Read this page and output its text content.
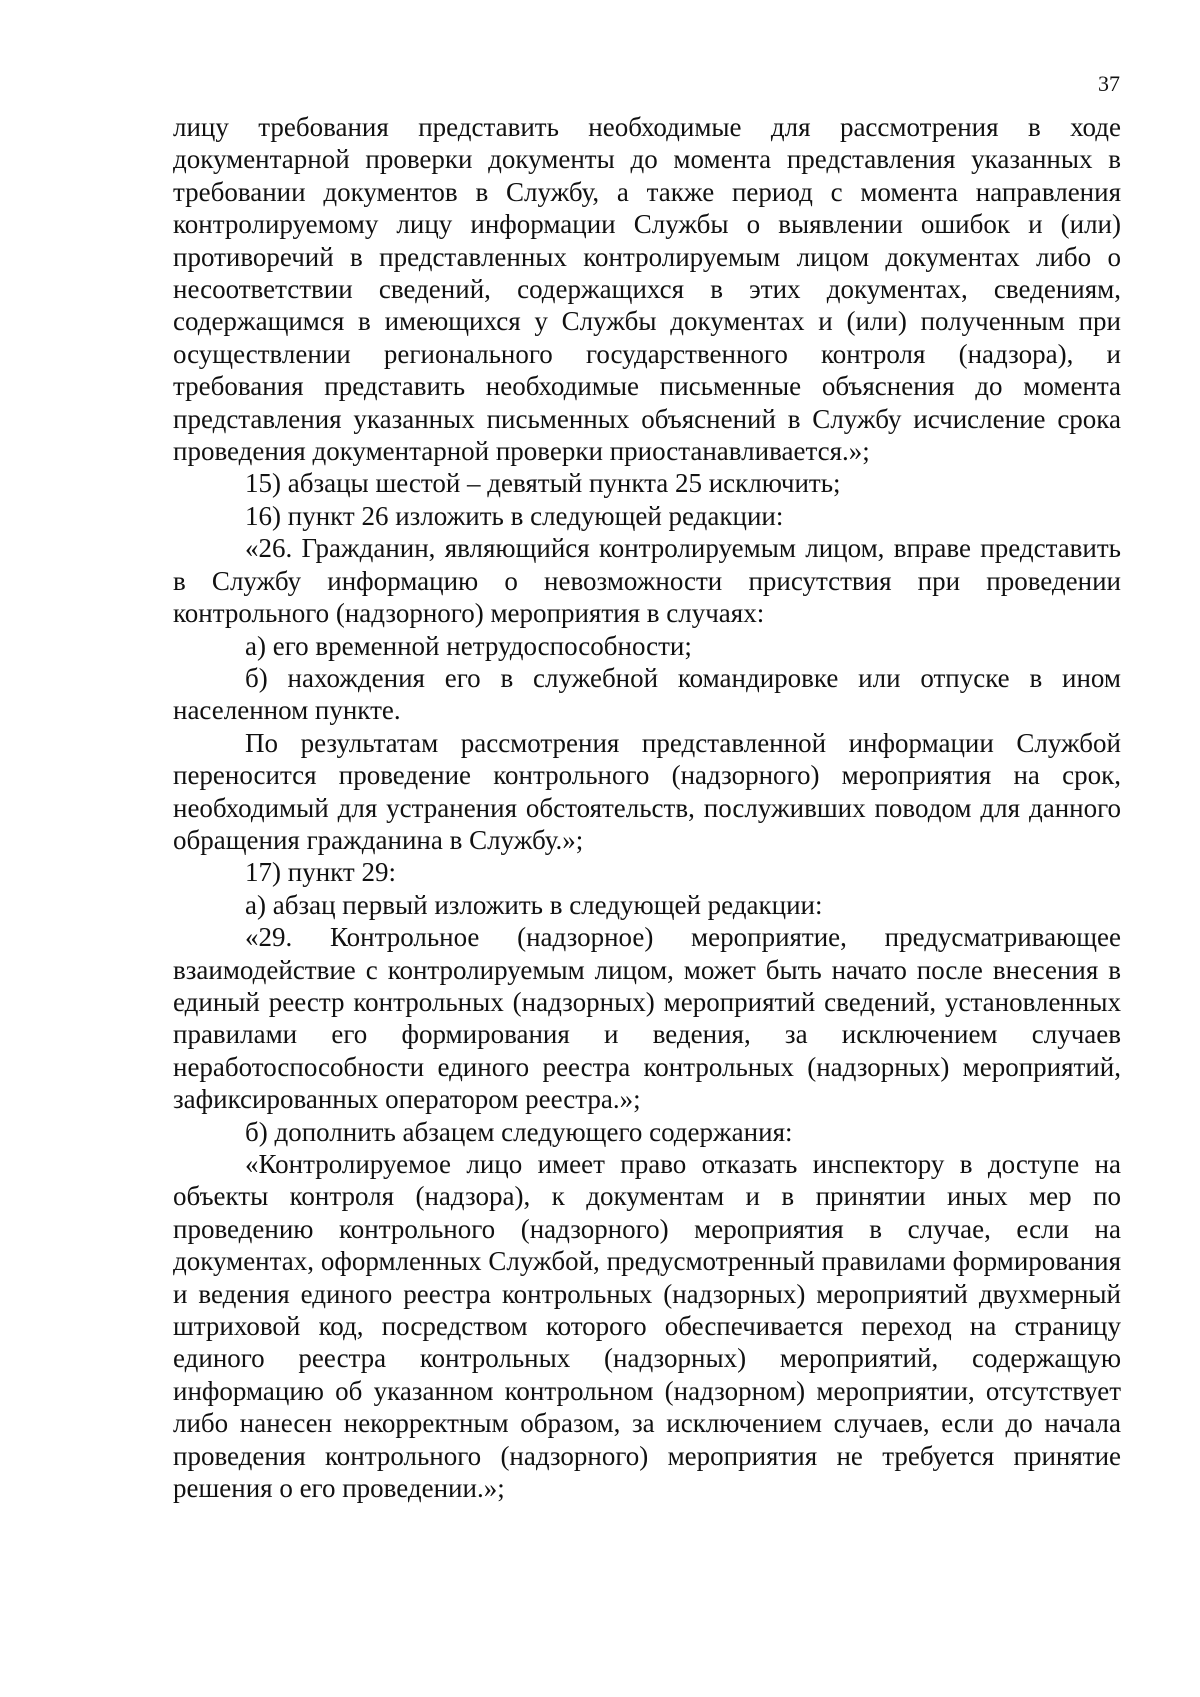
37

лицу требования представить необходимые для рассмотрения в ходе документарной проверки документы до момента представления указанных в требовании документов в Службу, а также период с момента направления контролируемому лицу информации Службы о выявлении ошибок и (или) противоречий в представленных контролируемым лицом документах либо о несоответствии сведений, содержащихся в этих документах, сведениям, содержащимся в имеющихся у Службы документах и (или) полученным при осуществлении регионального государственного контроля (надзора), и требования представить необходимые письменные объяснения до момента представления указанных письменных объяснений в Службу исчисление срока проведения документарной проверки приостанавливается.»;

15) абзацы шестой – девятый пункта 25 исключить;

16) пункт 26 изложить в следующей редакции:

«26. Гражданин, являющийся контролируемым лицом, вправе представить в Службу информацию о невозможности присутствия при проведении контрольного (надзорного) мероприятия в случаях:

а) его временной нетрудоспособности;

б) нахождения его в служебной командировке или отпуске в ином населенном пункте.

По результатам рассмотрения представленной информации Службой переносится проведение контрольного (надзорного) мероприятия на срок, необходимый для устранения обстоятельств, послуживших поводом для данного обращения гражданина в Службу.»;

17) пункт 29:

а) абзац первый изложить в следующей редакции:

«29. Контрольное (надзорное) мероприятие, предусматривающее взаимодействие с контролируемым лицом, может быть начато после внесения в единый реестр контрольных (надзорных) мероприятий сведений, установленных правилами его формирования и ведения, за исключением случаев неработоспособности единого реестра контрольных (надзорных) мероприятий, зафиксированных оператором реестра.»;

б) дополнить абзацем следующего содержания:

«Контролируемое лицо имеет право отказать инспектору в доступе на объекты контроля (надзора), к документам и в принятии иных мер по проведению контрольного (надзорного) мероприятия в случае, если на документах, оформленных Службой, предусмотренный правилами формирования и ведения единого реестра контрольных (надзорных) мероприятий двухмерный штриховой код, посредством которого обеспечивается переход на страницу единого реестра контрольных (надзорных) мероприятий, содержащую информацию об указанном контрольном (надзорном) мероприятии, отсутствует либо нанесен некорректным образом, за исключением случаев, если до начала проведения контрольного (надзорного) мероприятия не требуется принятие решения о его проведении.»;
